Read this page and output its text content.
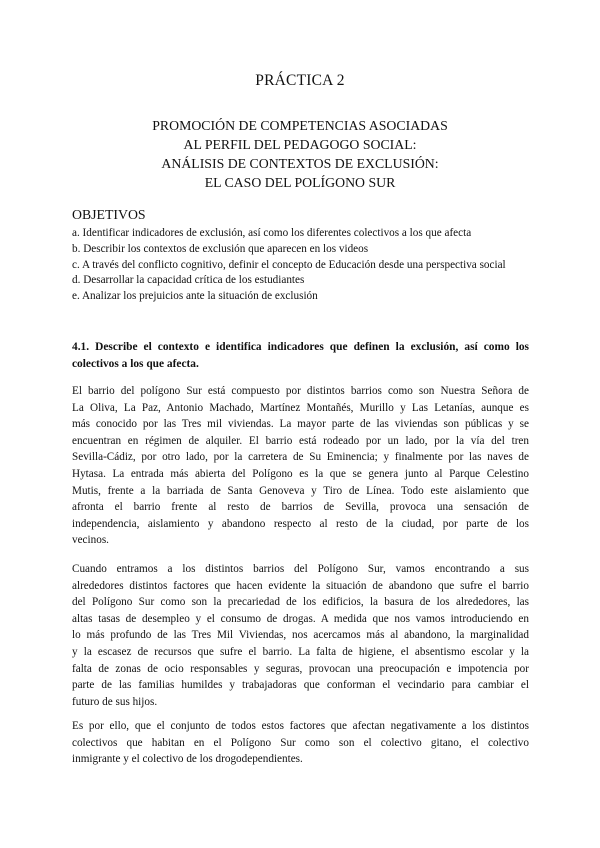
PRÁCTICA 2
PROMOCIÓN DE COMPETENCIAS ASOCIADAS
AL PERFIL DEL PEDAGOGO SOCIAL:
ANÁLISIS DE CONTEXTOS DE EXCLUSIÓN:
EL CASO DEL POLÍGONO SUR
OBJETIVOS
a. Identificar indicadores de exclusión, así como los diferentes colectivos a los que afecta
b. Describir los contextos de exclusión que aparecen en los videos
c. A través del conflicto cognitivo, definir el concepto de Educación desde una perspectiva social
d. Desarrollar la capacidad crítica de los estudiantes
e. Analizar los prejuicios ante la situación de exclusión
4.1. Describe el contexto e identifica indicadores que definen la exclusión, así como los colectivos a los que afecta.
El barrio del polígono Sur está compuesto por distintos barrios como son Nuestra Señora de
La Oliva, La Paz, Antonio Machado, Martínez Montañés, Murillo y Las Letanías, aunque es
más conocido por las Tres mil viviendas. La mayor parte de las viviendas son públicas y se
encuentran en régimen de alquiler. El barrio está rodeado por un lado, por la vía del tren
Sevilla-Cádiz, por otro lado, por la carretera de Su Eminencia; y finalmente por las naves de
Hytasa. La entrada más abierta del Polígono es la que se genera junto al Parque Celestino
Mutis, frente a la barriada de Santa Genoveva y Tiro de Línea. Todo este aislamiento que
afronta el barrio frente al resto de barrios de Sevilla, provoca una sensación de
independencia, aislamiento y abandono respecto al resto de la ciudad, por parte de los
vecinos.
Cuando entramos a los distintos barrios del Polígono Sur, vamos encontrando a sus
alrededores distintos factores que hacen evidente la situación de abandono que sufre el barrio
del Polígono Sur como son la precariedad de los edificios, la basura de los alrededores, las
altas tasas de desempleo y el consumo de drogas. A medida que nos vamos introduciendo en
lo más profundo de las Tres Mil Viviendas, nos acercamos más al abandono, la marginalidad
y la escasez de recursos que sufre el barrio. La falta de higiene, el absentismo escolar y la
falta de zonas de ocio responsables y seguras, provocan una preocupación e impotencia por
parte de las familias humildes y trabajadoras que conforman el vecindario para cambiar el
futuro de sus hijos.
Es por ello, que el conjunto de todos estos factores que afectan negativamente a los distintos
colectivos que habitan en el Polígono Sur como son el colectivo gitano, el colectivo
inmigrante y el colectivo de los drogodependientes.
